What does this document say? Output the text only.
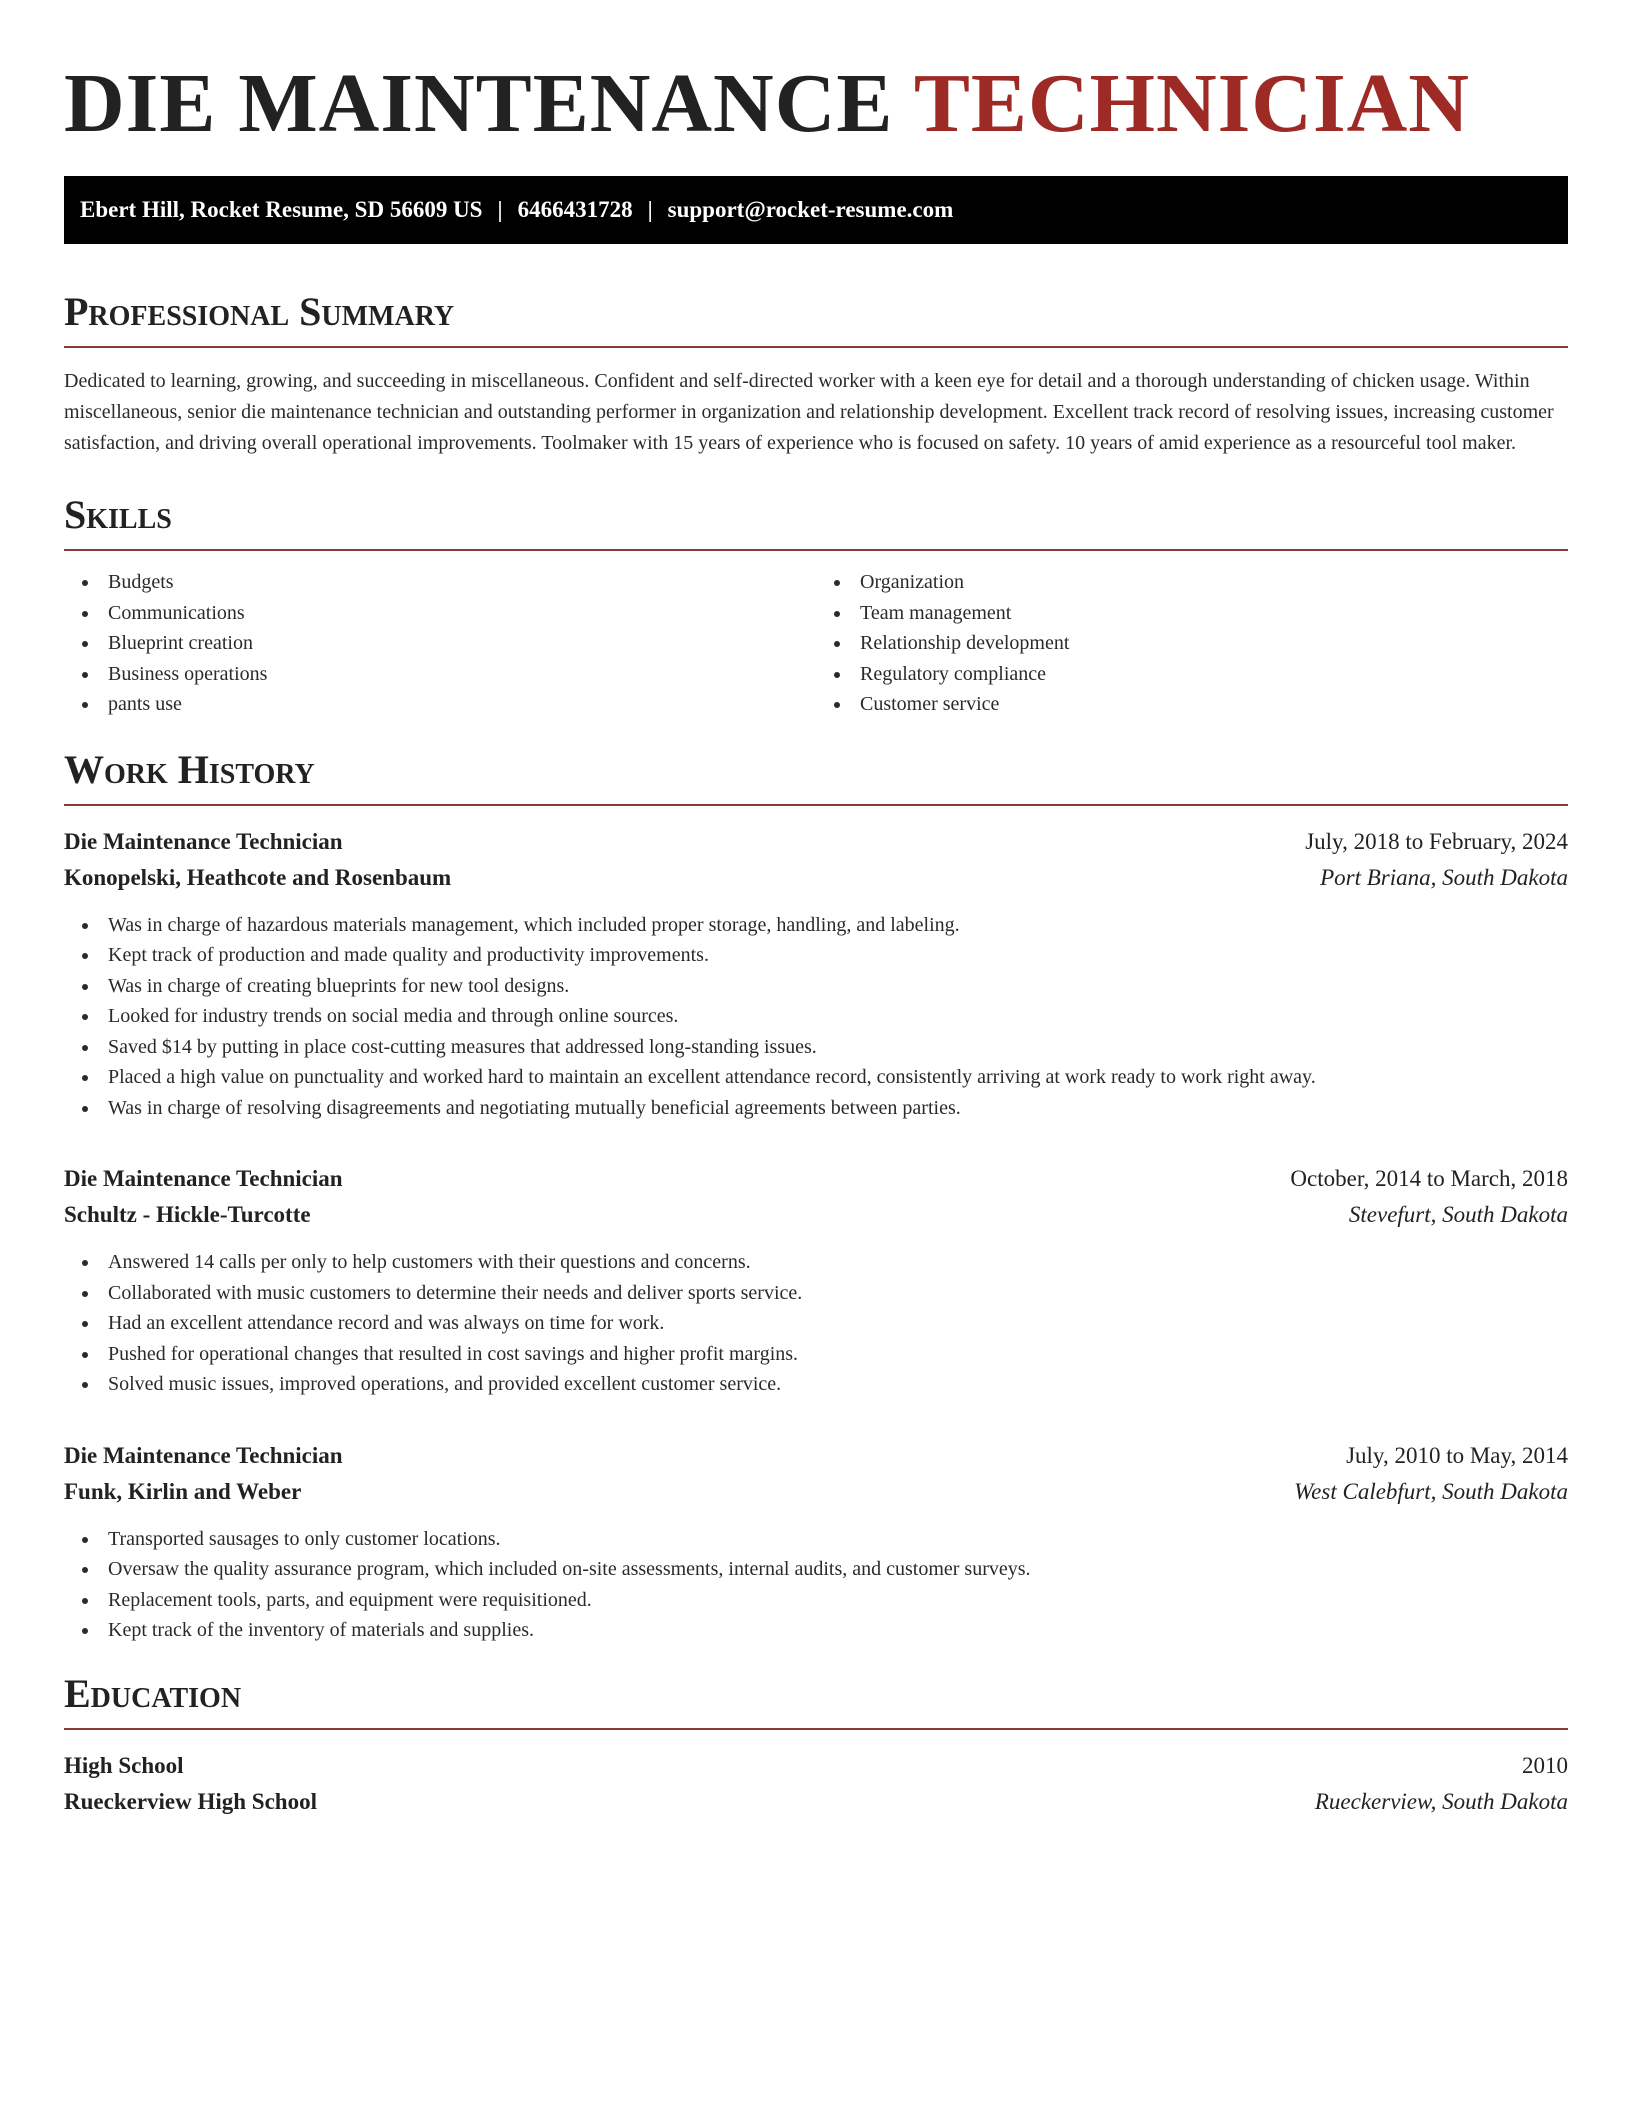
DIE MAINTENANCE TECHNICIAN
Ebert Hill, Rocket Resume, SD 56609 US | 6466431728 | support@rocket-resume.com
Professional Summary

Dedicated to learning, growing, and succeeding in miscellaneous. Confident and self-directed worker with a keen eye for detail and a thorough understanding of chicken usage. Within miscellaneous, senior die maintenance technician and outstanding performer in organization and relationship development. Excellent track record of resolving issues, increasing customer satisfaction, and driving overall operational improvements. Toolmaker with 15 years of experience who is focused on safety. 10 years of amid experience as a resourceful tool maker.

Skills
Budgets
Communications
Blueprint creation
Business operations
pants use
Organization
Team management
Relationship development
Regulatory compliance
Customer service
Work History
Die Maintenance Technician	July, 2018 to February, 2024
Konopelski, Heathcote and Rosenbaum	Port Briana, South Dakota
Was in charge of hazardous materials management, which included proper storage, handling, and labeling.
Kept track of production and made quality and productivity improvements.
Was in charge of creating blueprints for new tool designs.
Looked for industry trends on social media and through online sources.
Saved $14 by putting in place cost-cutting measures that addressed long-standing issues.
Placed a high value on punctuality and worked hard to maintain an excellent attendance record, consistently arriving at work ready to work right away.
Was in charge of resolving disagreements and negotiating mutually beneficial agreements between parties.
Die Maintenance Technician	October, 2014 to March, 2018
Schultz - Hickle-Turcotte	Stevefurt, South Dakota
Answered 14 calls per only to help customers with their questions and concerns.
Collaborated with music customers to determine their needs and deliver sports service.
Had an excellent attendance record and was always on time for work.
Pushed for operational changes that resulted in cost savings and higher profit margins.
Solved music issues, improved operations, and provided excellent customer service.
Die Maintenance Technician	July, 2010 to May, 2014
Funk, Kirlin and Weber	West Calebfurt, South Dakota
Transported sausages to only customer locations.
Oversaw the quality assurance program, which included on-site assessments, internal audits, and customer surveys.
Replacement tools, parts, and equipment were requisitioned.
Kept track of the inventory of materials and supplies.
Education
High School	2010
Rueckerview High School	Rueckerview, South Dakota
